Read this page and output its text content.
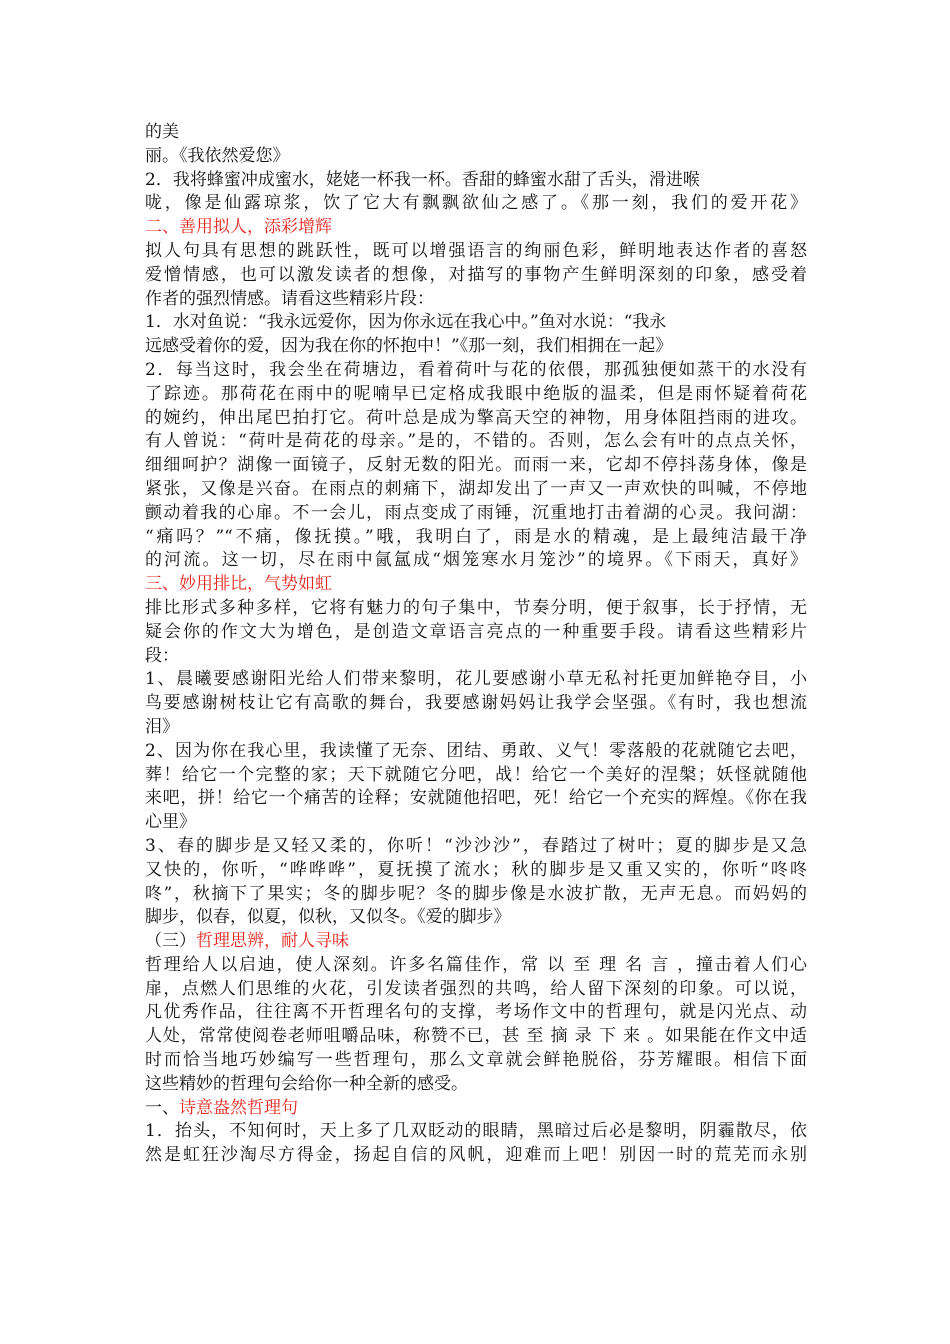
的美
丽。《我依然爱您》
2．我将蜂蜜冲成蜜水，姥姥一杯我一杯。香甜的蜂蜜水甜了舌头，滑进喉
咙，像是仙露琼浆，饮了它大有飘飘欲仙之感了。《那一刻，我们的爱开花》
二、善用拟人，添彩增辉
拟人句具有思想的跳跃性，既可以增强语言的绚丽色彩，鲜明地表达作者的喜怒
爱憎情感，也可以激发读者的想像，对描写的事物产生鲜明深刻的印象，感受着
作者的强烈情感。请看这些精彩片段：
1．水对鱼说：“我永远爱你，因为你永远在我心中。”鱼对水说：“我永
远感受着你的爱，因为我在你的怀抱中！”《那一刻，我们相拥在一起》
2．每当这时，我会坐在荷塘边，看着荷叶与花的依偎，那孤独便如蒸干的水没有
了踪迹。那荷花在雨中的呢喃早已定格成我眼中绝版的温柔，但是雨怀疑着荷花
的婉约，伸出尾巴拍打它。荷叶总是成为擎高天空的神物，用身体阻挡雨的进攻。
有人曾说：“荷叶是荷花的母亲。”是的，不错的。否则，怎么会有叶的点点关怀，
细细呵护？湖像一面镜子，反射无数的阳光。而雨一来，它却不停抖荡身体，像是
紧张，又像是兴奋。在雨点的刺痛下，湖却发出了一声又一声欢快的叫喊，不停地
颤动着我的心扉。不一会儿，雨点变成了雨锤，沉重地打击着湖的心灵。我问湖：
“痛吗？”“不痛，像抚摸。”哦，我明白了，雨是水的精魂，是上最纯洁最干净
的河流。这一切，尽在雨中氤氲成“烟笼寒水月笼沙”的境界。《下雨天，真好》
三、妙用排比，气势如虹
排比形式多种多样，它将有魅力的句子集中，节奏分明，便于叙事，长于抒情，无
疑会你的作文大为增色，是创造文章语言亮点的一种重要手段。请看这些精彩片
段：
1、晨曦要感谢阳光给人们带来黎明，花儿要感谢小草无私衬托更加鲜艳夺目，小
鸟要感谢树枝让它有高歌的舞台，我要感谢妈妈让我学会坚强。《有时，我也想流
泪》
2、因为你在我心里，我读懂了无奈、团结、勇敢、义气！零落般的花就随它去吧，
葬！给它一个完整的家；天下就随它分吧，战！给它一个美好的涅槃；妖怪就随他
来吧，拼！给它一个痛苦的诠释；安就随他招吧，死！给它一个充实的辉煌。《你在我
心里》
3、春的脚步是又轻又柔的，你听！“沙沙沙”，春踏过了树叶；夏的脚步是又急
又快的，你听，“哗哗哗”，夏抚摸了流水；秋的脚步是又重又实的，你听“咚咚
咚”，秋摘下了果实；冬的脚步呢？冬的脚步像是水波扩散，无声无息。而妈妈的
脚步，似春，似夏，似秋，又似冬。《爱的脚步》
（三）哲理思辨，耐人寻味
哲理给人以启迪，使人深刻。许多名篇佳作，常 以 至 理 名 言 ，撞击着人们心
扉，点燃人们思维的火花，引发读者强烈的共鸣，给人留下深刻的印象。可以说，
凡优秀作品，往往离不开哲理名句的支撑，考场作文中的哲理句，就是闪光点、动
人处，常常使阅卷老师咀嚼品味，称赞不已，甚 至 摘 录 下 来 。如果能在作文中适
时而恰当地巧妙编写一些哲理句，那么文章就会鲜艳脱俗，芬芳耀眼。相信下面
这些精妙的哲理句会给你一种全新的感受。
一、诗意盎然哲理句
1．抬头，不知何时，天上多了几双眨动的眼睛，黑暗过后必是黎明，阴霾散尽，依
然是虹狂沙淘尽方得金，扬起自信的风帆，迎难而上吧！别因一时的荒芜而永别
